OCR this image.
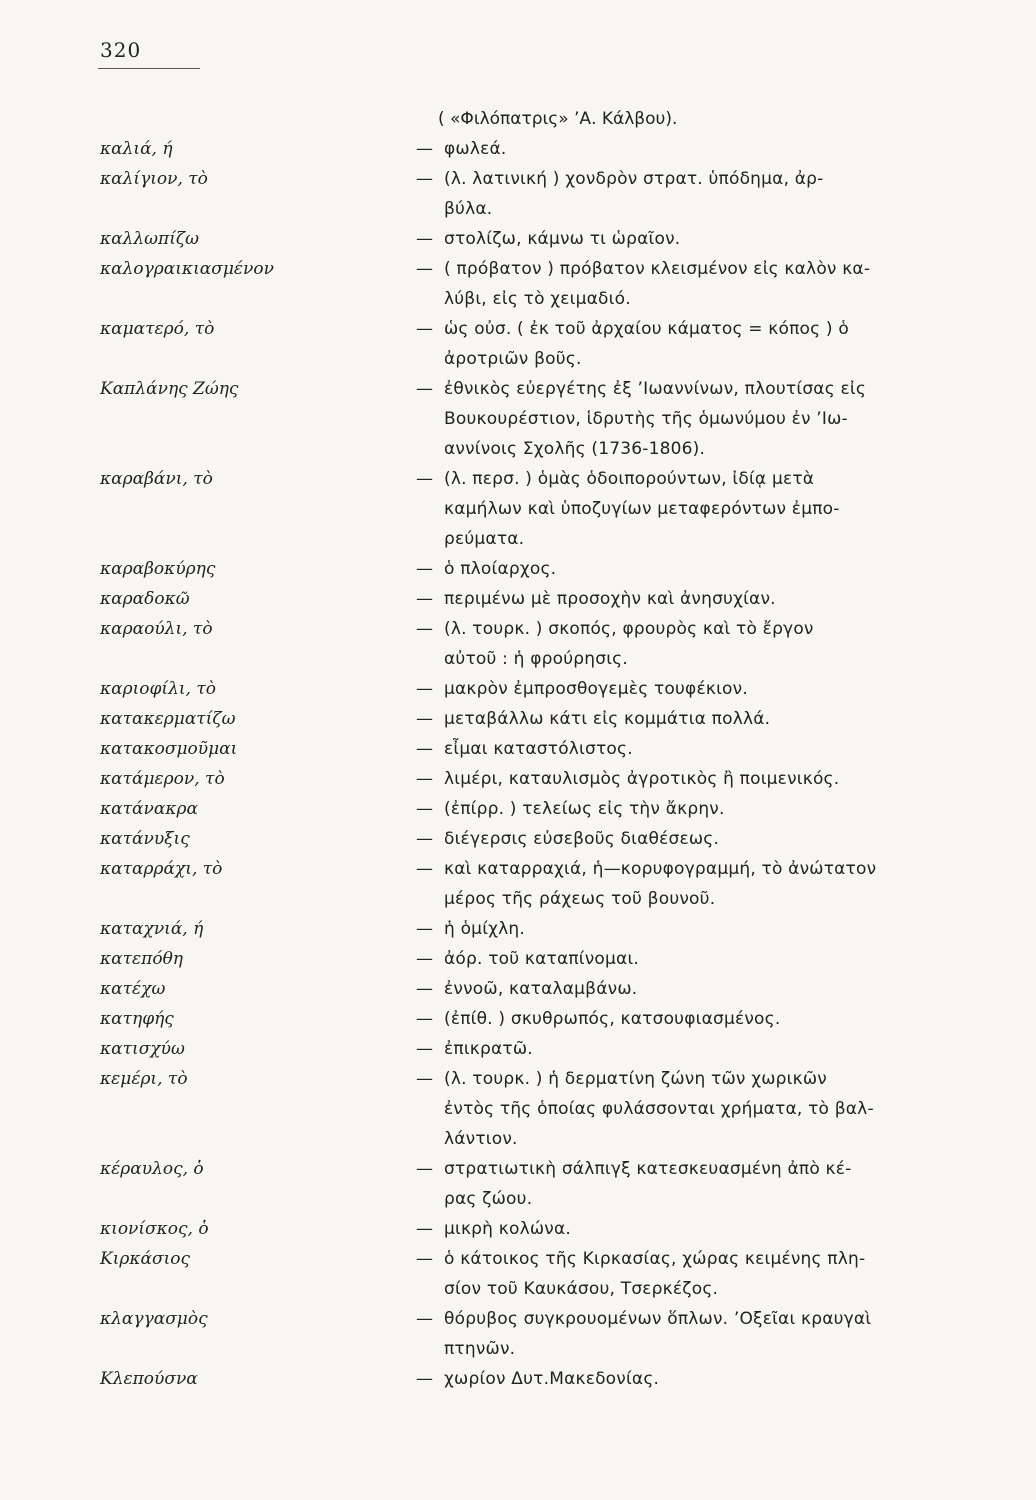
320
( «Φιλόπατρις» ’Α. Κάλβου).
καλιά, ή	— φωλεά.
καλίγιον, τὸ	— (λ. λατινική ) χονδρὸν στρατ. ὑπόδημα, ἀρ-
βύλα.
καλλωπίζω	— στολίζω, κάμνω τι ὡραῖον.
καλογραικιασμένον	— ( πρόβατον ) πρόβατον κλεισμένον εἰς καλὸν κα-
λύβι, εἰς τὸ χειμαδιό.
καματερό, τὸ	— ὡς οὐσ. ( ἐκ τοῦ ἀρχαίου κάματος = κόπος ) ὁ
ἀροτριῶν βοῦς.
Καπλάνης Ζώης	— ἐθνικὸς εὐεργέτης ἐξ ’Ιωαννίνων, πλουτίσας εἰς
Βουκουρέστιον, ἱδρυτὴς τῆς ὁμωνύμου ἐν ’Ιω-
αννίνοις Σχολῆς (1736-1806).
καραβάνι, τὸ	— (λ. περσ. ) ὁμὰς ὁδοιπορούντων, ἰδίᾳ μετὰ
καμήλων καὶ ὑποζυγίων μεταφερόντων ἐμπο-
ρεύματα.
καραβοκύρης	— ὁ πλοίαρχος.
καραδοκῶ	— περιμένω μὲ προσοχὴν καὶ ἀνησυχίαν.
καραούλι, τὸ	— (λ. τουρκ. ) σκοπός, φρουρὸς καὶ τὸ ἔργον
αὐτοῦ : ἡ φρούρησις.
καριοφίλι, τὸ	— μακρὸν ἐμπροσθογεμὲς τουφέκιον.
κατακερματίζω	— μεταβάλλω κάτι εἰς κομμάτια πολλά.
κατακοσμοῦμαι	— εἶμαι καταστόλιστος.
κατάμερον, τὸ	— λιμέρι, καταυλισμὸς ἀγροτικὸς ἢ ποιμενικός.
κατάνακρα	— (ἐπίρρ. ) τελείως εἰς τὴν ἄκρην.
κατάνυξις	— διέγερσις εὐσεβοῦς διαθέσεως.
καταρράχι, τὸ	— καὶ καταρραχιά, ἡ—κορυφογραμμή, τὸ ἀνώτατον
μέρος τῆς ράχεως τοῦ βουνοῦ.
καταχνιά, ή	— ἡ ὁμίχλη.
κατεπόθη	— ἀόρ. τοῦ καταπίνομαι.
κατέχω	— ἐννοῶ, καταλαμβάνω.
κατηφής	— (ἐπίθ. ) σκυθρωπός, κατσουφιασμένος.
κατισχύω	— ἐπικρατῶ.
κεμέρι, τὸ	— (λ. τουρκ. ) ἡ δερματίνη ζώνη τῶν χωρικῶν
ἐντὸς τῆς ὁποίας φυλάσσονται χρήματα, τὸ βαλ-
λάντιον.
κέραυλος, ὁ	— στρατιωτικὴ σάλπιγξ κατεσκευασμένη ἀπὸ κέ-
ρας ζώου.
κιονίσκος, ὁ	— μικρὴ κολώνα.
Κιρκάσιος	— ὁ κάτοικος τῆς Κιρκασίας, χώρας κειμένης πλη-
σίον τοῦ Καυκάσου, Τσερκέζος.
κλαγγασμὸς	— θόρυβος συγκρουομένων ὅπλων. ’Οξεῖαι κραυγαὶ
πτηνῶν.
Κλεπούσνα	— χωρίον Δυτ.Μακεδονίας.
